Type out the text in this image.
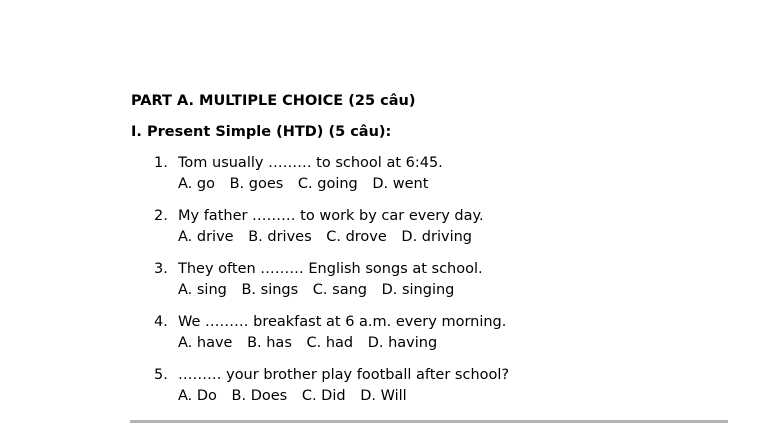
PART A. MULTIPLE CHOICE (25 câu)
I. Present Simple (HTD) (5 câu):
1. Tom usually ……… to school at 6:45.
A. go B. goes C. going D. went
2. My father ……… to work by car every day.
A. drive B. drives C. drove D. driving
3. They often ……… English songs at school.
A. sing B. sings C. sang D. singing
4. We ……… breakfast at 6 a.m. every morning.
A. have B. has C. had D. having
5. ……… your brother play football after school?
A. Do B. Does C. Did D. Will
